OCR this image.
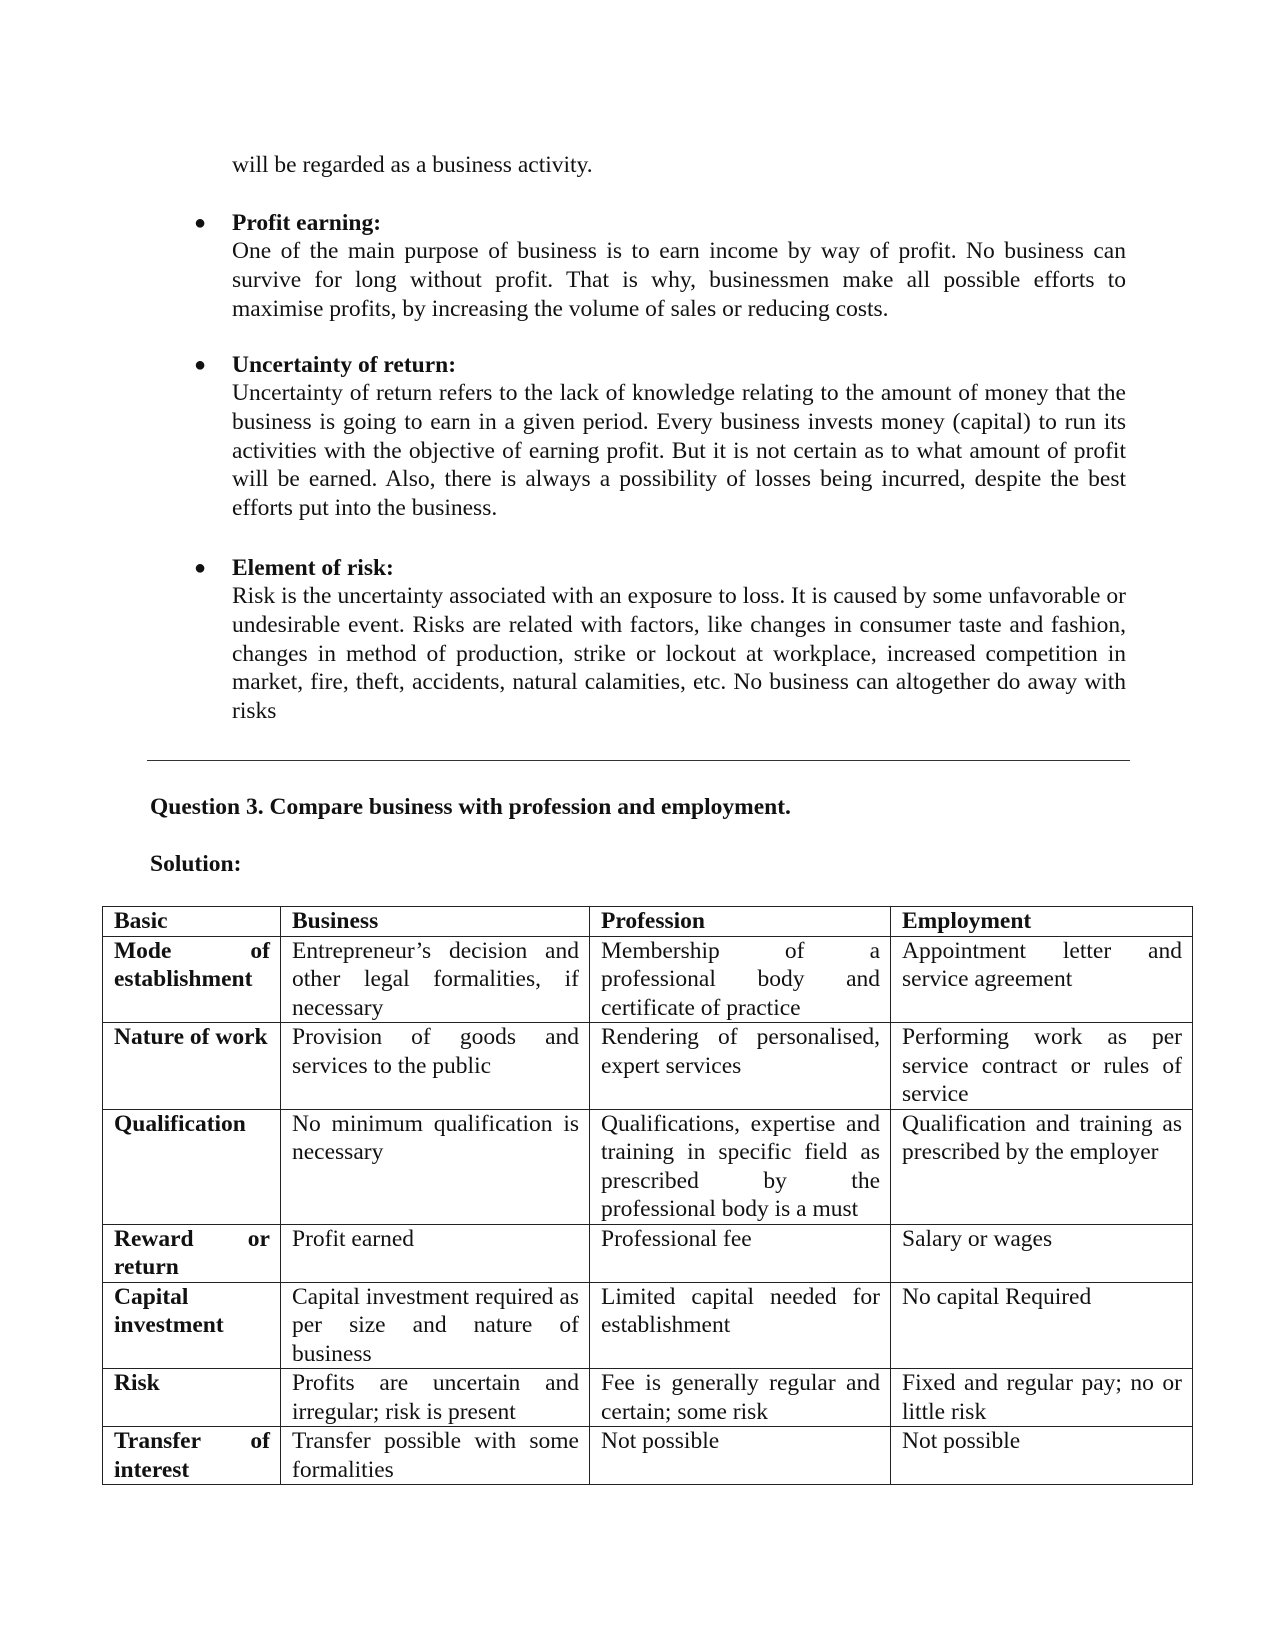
will be regarded as a business activity.
● Profit earning:

One of the main purpose of business is to earn income by way of profit. No business can survive for long without profit. That is why, businessmen make all possible efforts to maximise profits, by increasing the volume of sales or reducing costs.

● Uncertainty of return:

Uncertainty of return refers to the lack of knowledge relating to the amount of money that the business is going to earn in a given period. Every business invests money (capital) to run its activities with the objective of earning profit. But it is not certain as to what amount of profit will be earned. Also, there is always a possibility of losses being incurred, despite the best efforts put into the business.

● Element of risk:

Risk is the uncertainty associated with an exposure to loss. It is caused by some unfavorable or undesirable event. Risks are related with factors, like changes in consumer taste and fashion, changes in method of production, strike or lockout at workplace, increased competition in market, fire, theft, accidents, natural calamities, etc. No business can altogether do away with risks

Question 3. Compare business with profession and employment.
Solution:
Basic	Business	Profession	Employment
Mode of establishment	Entrepreneur’s decision and other legal formalities, if necessary	Membership of a professional body and certificate of practice	Appointment letter and service agreement
Nature of work	Provision of goods and services to the public	Rendering of personalised, expert services	Performing work as per service contract or rules of service
Qualification	No minimum qualification is necessary	Qualifications, expertise and training in specific field as prescribed by the professional body is a must	Qualification and training as prescribed by the employer
Reward or return	Profit earned	Professional fee	Salary or wages
Capital investment	Capital investment required as per size and nature of business	Limited capital needed for establishment	No capital Required
Risk	Profits are uncertain and irregular; risk is present	Fee is generally regular and certain; some risk	Fixed and regular pay; no or little risk
Transfer of interest	Transfer possible with some formalities	Not possible	Not possible
